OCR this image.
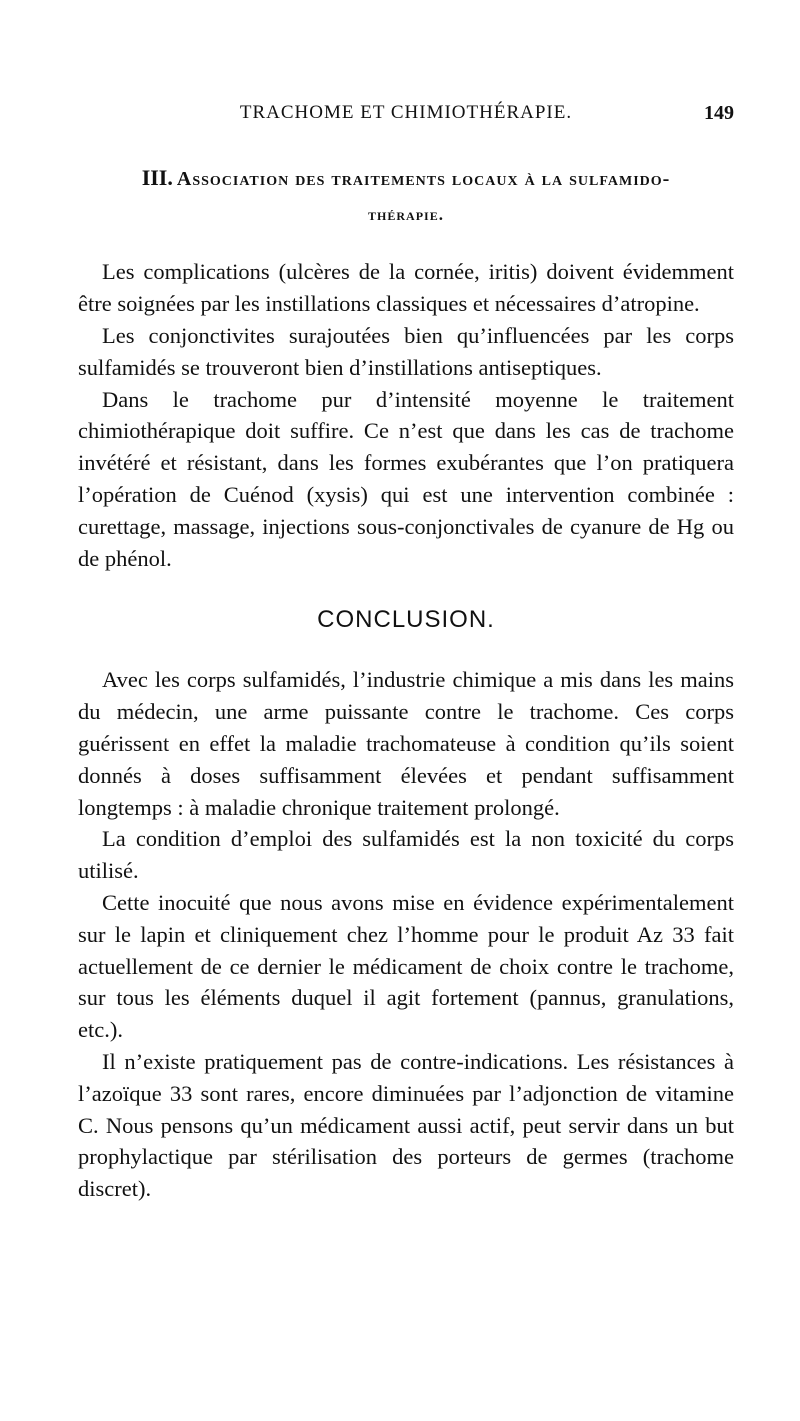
TRACHOME ET CHIMIOTHÉRAPIE.	149
III. Association des traitements locaux à la sulfamido-
thérapie.

Les complications (ulcères de la cornée, iritis) doivent évidemment être soignées par les instillations classiques et nécessaires d’atropine.

Les conjonctivites surajoutées bien qu’influencées par les corps sulfamidés se trouveront bien d’instillations antiseptiques.

Dans le trachome pur d’intensité moyenne le traitement chimiothérapique doit suffire. Ce n’est que dans les cas de trachome invétéré et résistant, dans les formes exubérantes que l’on pratiquera l’opération de Cuénod (xysis) qui est une intervention combinée : curettage, massage, injections sous-conjonctivales de cyanure de Hg ou de phénol.

CONCLUSION.

Avec les corps sulfamidés, l’industrie chimique a mis dans les mains du médecin, une arme puissante contre le trachome. Ces corps guérissent en effet la maladie trachomateuse à condition qu’ils soient donnés à doses suffisamment élevées et pendant suffisamment longtemps : à maladie chronique traitement prolongé.

La condition d’emploi des sulfamidés est la non toxicité du corps utilisé.

Cette inocuité que nous avons mise en évidence expérimentalement sur le lapin et cliniquement chez l’homme pour le produit Az 33 fait actuellement de ce dernier le médicament de choix contre le trachome, sur tous les éléments duquel il agit fortement (pannus, granulations, etc.).

Il n’existe pratiquement pas de contre-indications. Les résistances à l’azoïque 33 sont rares, encore diminuées par l’adjonction de vitamine C. Nous pensons qu’un médicament aussi actif, peut servir dans un but prophylactique par stérilisation des porteurs de germes (trachome discret).
